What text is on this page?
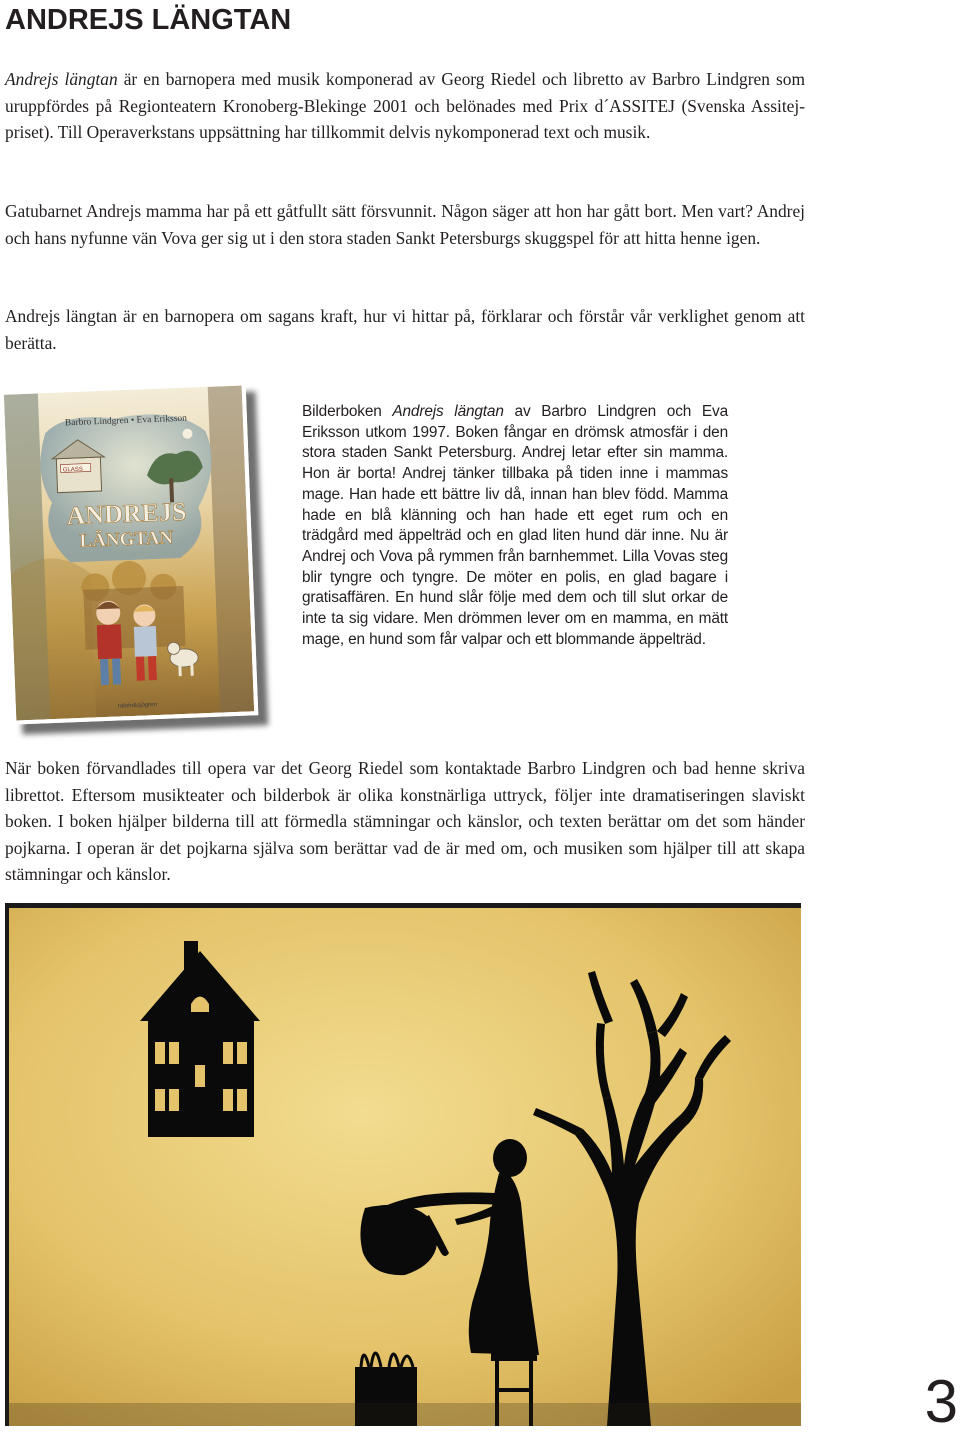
ANDREJS LÄNGTAN

Andrejs längtan är en barnopera med musik komponerad av Georg Riedel och libretto av Barbro Lindgren som uruppfördes på Regionteatern Kronoberg-Blekinge 2001 och belönades med Prix d´ASSITEJ (Svenska Assitej-priset). Till Operaverkstans uppsättning har tillkommit delvis nykomponerad text och musik.

Gatubarnet Andrejs mamma har på ett gåtfullt sätt försvunnit. Någon säger att hon har gått bort. Men vart? Andrej och hans nyfunne vän Vova ger sig ut i den stora staden Sankt Petersburgs skuggspel för att hitta henne igen.

Andrejs längtan är en barnopera om sagans kraft, hur vi hittar på, förklarar och förstår vår verklighet genom att berätta.

GLASS
Barbro Lindgren • Eva Eriksson
ANDREJS
LÄNGTAN
rabén&sjögren

Bilderboken Andrejs längtan av Barbro Lindgren och Eva Eriksson utkom 1997. Boken fångar en drömsk atmosfär i den stora staden Sankt Petersburg. Andrej letar efter sin mamma. Hon är borta! Andrej tänker tillbaka på tiden inne i mammas mage. Han hade ett bättre liv då, innan han blev född. Mamma hade en blå klänning och han hade ett eget rum och en trädgård med äppelträd och en glad liten hund där inne. Nu är Andrej och Vova på rymmen från barnhemmet. Lilla Vovas steg blir tyngre och tyngre. De möter en polis, en glad bagare i gratisaffären. En hund slår följe med dem och till slut orkar de inte ta sig vidare. Men drömmen lever om en mamma, en mätt mage, en hund som får valpar och ett blommande äppelträd.

När boken förvandlades till opera var det Georg Riedel som kontaktade Barbro Lindgren och bad henne skriva librettot. Eftersom musikteater och bilderbok är olika konstnärliga uttryck, följer inte dramatiseringen slaviskt boken. I boken hjälper bilderna till att förmedla stämningar och känslor, och texten berättar om det som händer pojkarna. I operan är det pojkarna själva som berättar vad de är med om, och musiken som hjälper till att skapa stämningar och känslor.

3
